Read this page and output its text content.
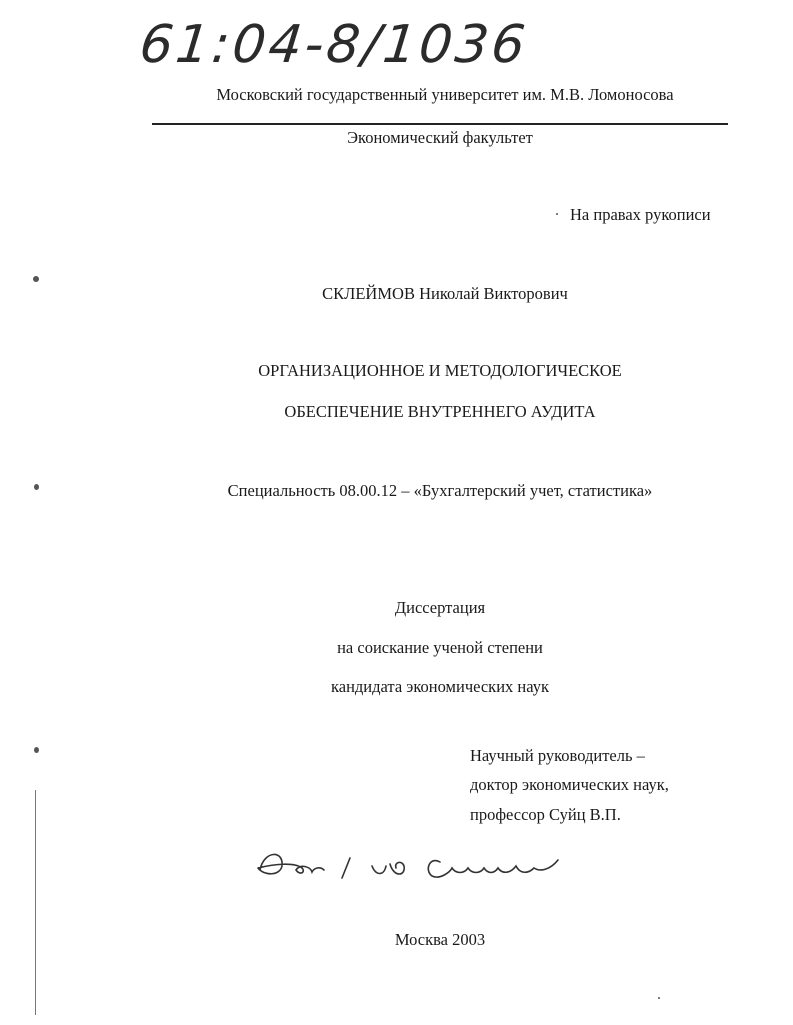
61:04-8/1036
Московский государственный университет им. М.В. Ломоносова
Экономический факультет
На правах рукописи
СКЛЕЙМОВ Николай Викторович
ОРГАНИЗАЦИОННОЕ И МЕТОДОЛОГИЧЕСКОЕ
ОБЕСПЕЧЕНИЕ ВНУТРЕННЕГО АУДИТА
Специальность 08.00.12 – «Бухгалтерский учет, статистика»
Диссертация
на соискание ученой степени
кандидата экономических наук
Научный руководитель –
доктор экономических наук,
профессор Суйц В.П.
Дата / Н.В. Склеймов
Москва 2003
